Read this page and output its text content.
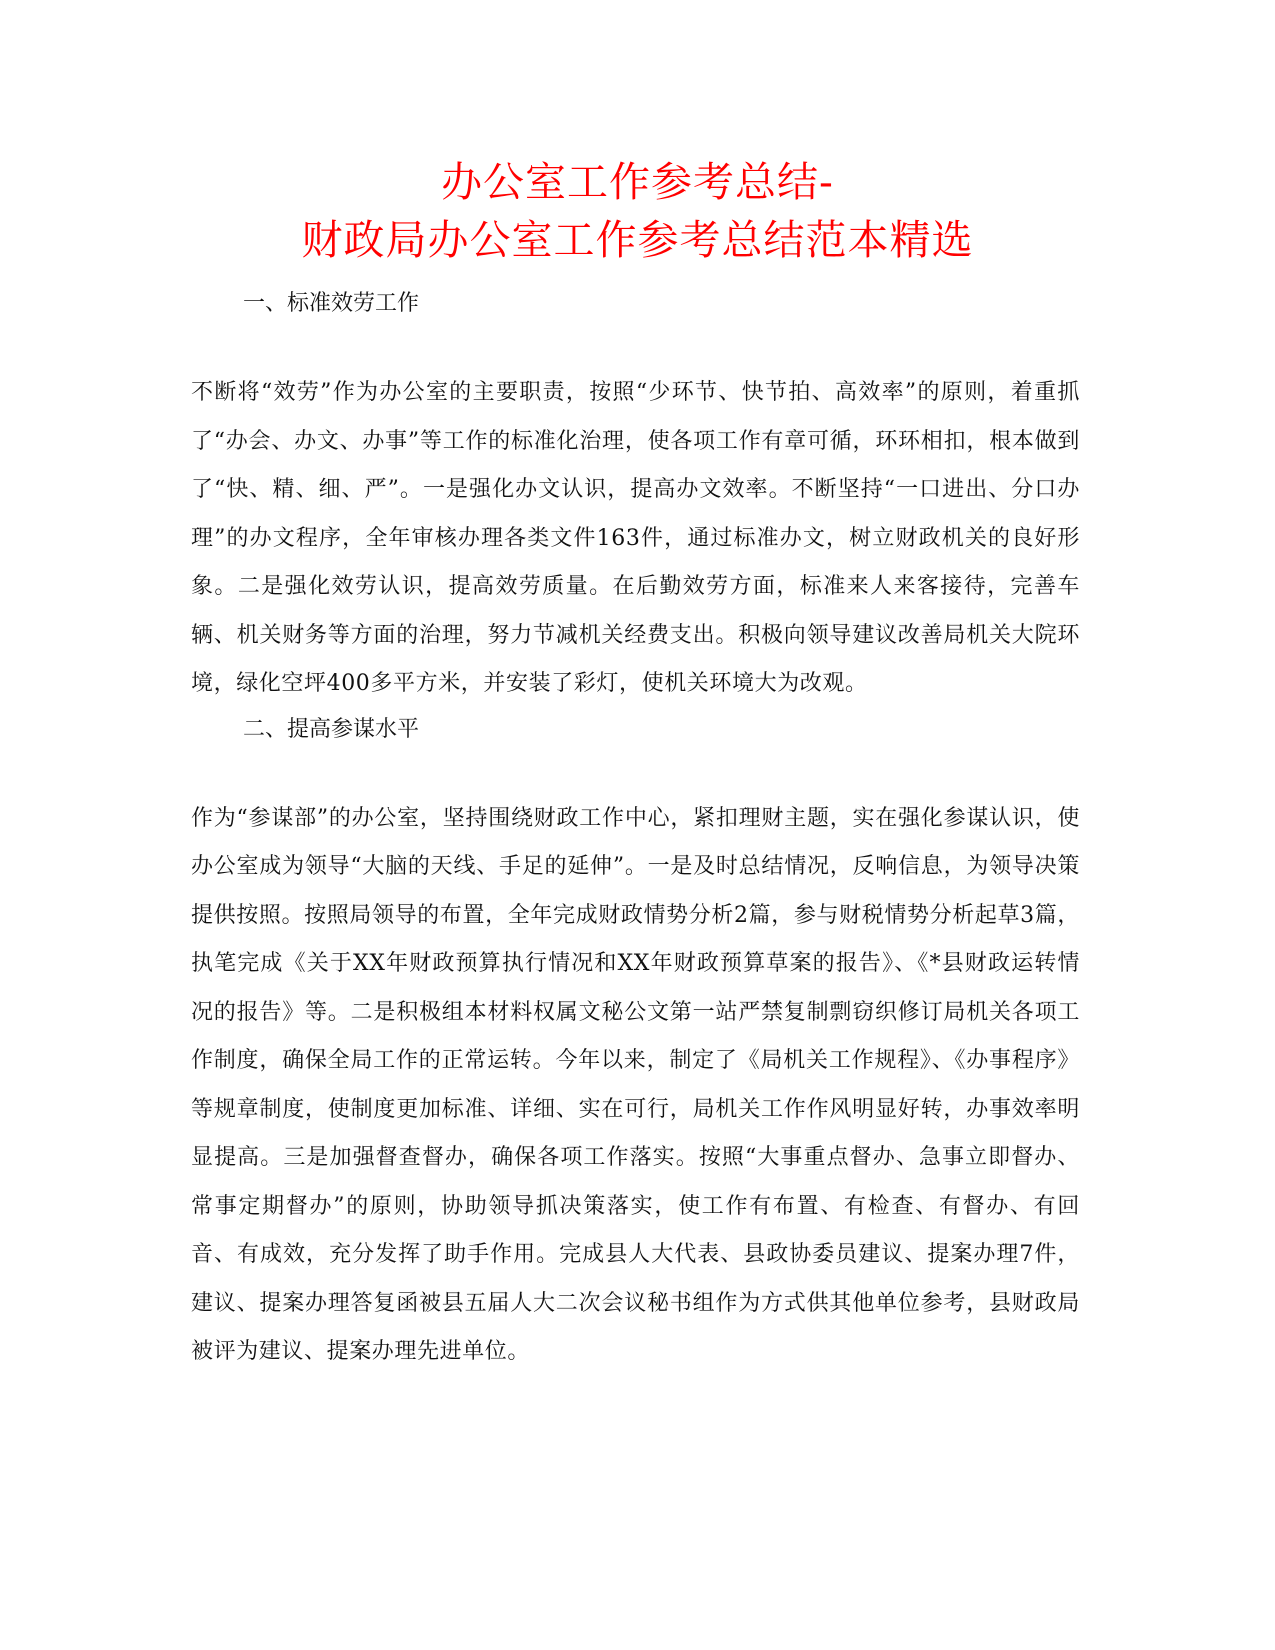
办公室工作参考总结-
财政局办公室工作参考总结范本精选

一、标准效劳工作

不断将“效劳”作为办公室的主要职责，按照“少环节、快节拍、高效率”的原则，着重抓了“办会、办文、办事”等工作的标准化治理，使各项工作有章可循，环环相扣，根本做到了“快、精、细、严”。一是强化办文认识，提高办文效率。不断坚持“一口进出、分口办理”的办文程序，全年审核办理各类文件163件，通过标准办文，树立财政机关的良好形象。二是强化效劳认识，提高效劳质量。在后勤效劳方面，标准来人来客接待，完善车辆、机关财务等方面的治理，努力节减机关经费支出。积极向领导建议改善局机关大院环境，绿化空坪400多平方米，并安装了彩灯，使机关环境大为改观。

二、提高参谋水平

作为“参谋部”的办公室，坚持围绕财政工作中心，紧扣理财主题，实在强化参谋认识，使办公室成为领导“大脑的天线、手足的延伸”。一是及时总结情况，反响信息，为领导决策提供按照。按照局领导的布置，全年完成财政情势分析2篇，参与财税情势分析起草3篇，执笔完成《关于XX年财政预算执行情况和XX年财政预算草案的报告》、《*县财政运转情况的报告》等。二是积极组本材料权属文秘公文第一站严禁复制剽窃织修订局机关各项工作制度，确保全局工作的正常运转。今年以来，制定了《局机关工作规程》、《办事程序》等规章制度，使制度更加标准、详细、实在可行，局机关工作作风明显好转，办事效率明显提高。三是加强督查督办，确保各项工作落实。按照“大事重点督办、急事立即督办、常事定期督办”的原则，协助领导抓决策落实，使工作有布置、有检查、有督办、有回音、有成效，充分发挥了助手作用。完成县人大代表、县政协委员建议、提案办理7件，建议、提案办理答复函被县五届人大二次会议秘书组作为方式供其他单位参考，县财政局被评为建议、提案办理先进单位。
